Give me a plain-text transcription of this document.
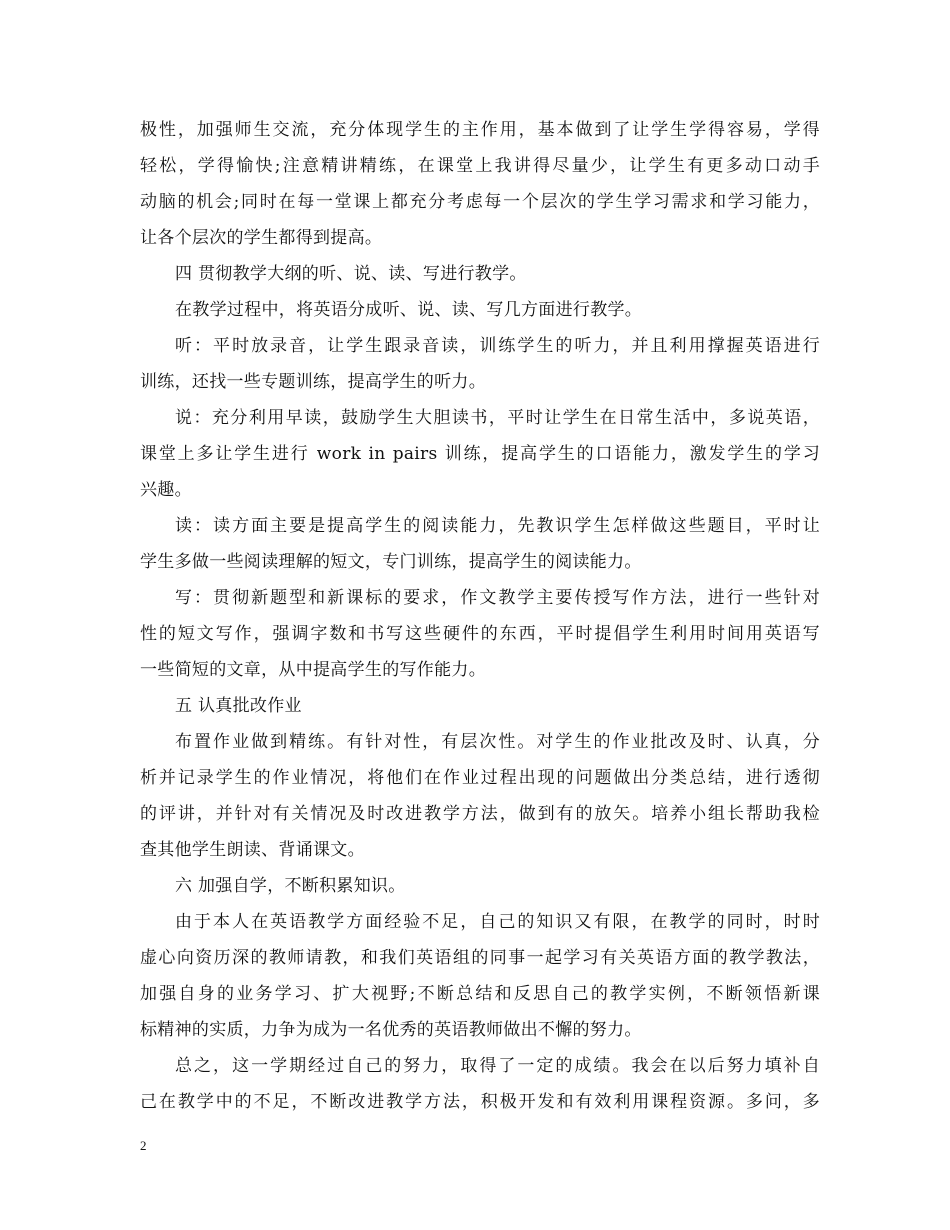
极性，加强师生交流，充分体现学生的主作用，基本做到了让学生学得容易，学得
轻松，学得愉快;注意精讲精练，在课堂上我讲得尽量少，让学生有更多动口动手
动脑的机会;同时在每一堂课上都充分考虑每一个层次的学生学习需求和学习能力，
让各个层次的学生都得到提高。
四 贯彻教学大纲的听、说、读、写进行教学。
在教学过程中，将英语分成听、说、读、写几方面进行教学。
听：平时放录音，让学生跟录音读，训练学生的听力，并且利用撑握英语进行
训练，还找一些专题训练，提高学生的听力。
说：充分利用早读，鼓励学生大胆读书，平时让学生在日常生活中，多说英语，
课堂上多让学生进行 work in pairs 训练，提高学生的口语能力，激发学生的学习
兴趣。
读：读方面主要是提高学生的阅读能力，先教识学生怎样做这些题目，平时让
学生多做一些阅读理解的短文，专门训练，提高学生的阅读能力。
写：贯彻新题型和新课标的要求，作文教学主要传授写作方法，进行一些针对
性的短文写作，强调字数和书写这些硬件的东西，平时提倡学生利用时间用英语写
一些简短的文章，从中提高学生的写作能力。
五 认真批改作业
布置作业做到精练。有针对性，有层次性。对学生的作业批改及时、认真，分
析并记录学生的作业情况，将他们在作业过程出现的问题做出分类总结，进行透彻
的评讲，并针对有关情况及时改进教学方法，做到有的放矢。培养小组长帮助我检
查其他学生朗读、背诵课文。
六 加强自学，不断积累知识。
由于本人在英语教学方面经验不足，自己的知识又有限，在教学的同时，时时
虚心向资历深的教师请教，和我们英语组的同事一起学习有关英语方面的教学教法，
加强自身的业务学习、扩大视野;不断总结和反思自己的教学实例，不断领悟新课
标精神的实质，力争为成为一名优秀的英语教师做出不懈的努力。
总之，这一学期经过自己的努力，取得了一定的成绩。我会在以后努力填补自
己在教学中的不足，不断改进教学方法，积极开发和有效利用课程资源。多问，多
2
